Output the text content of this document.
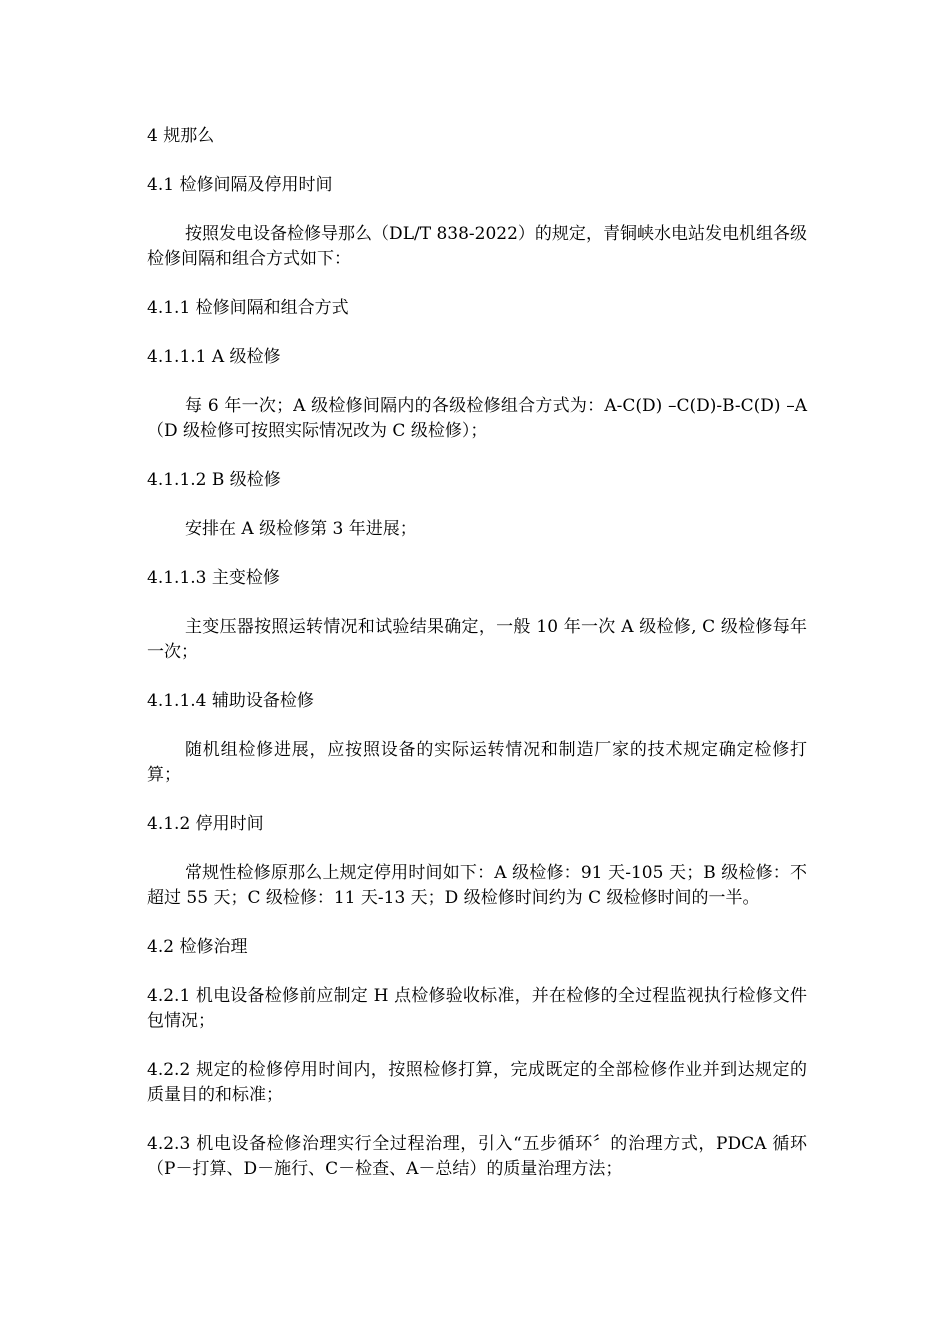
4 规那么

4.1 检修间隔及停用时间

按照发电设备检修导那么（DL/T 838-2022）的规定，青铜峡水电站发电机组各级检修间隔和组合方式如下：

4.1.1 检修间隔和组合方式

4.1.1.1 A 级检修

每 6 年一次；A 级检修间隔内的各级检修组合方式为：A-C(D) –C(D)-B-C(D) –A （D 级检修可按照实际情况改为 C 级检修）；

4.1.1.2 B 级检修

安排在 A 级检修第 3 年进展；

4.1.1.3 主变检修

主变压器按照运转情况和试验结果确定，一般 10 年一次 A 级检修, C 级检修每年一次；

4.1.1.4 辅助设备检修

随机组检修进展，应按照设备的实际运转情况和制造厂家的技术规定确定检修打算；

4.1.2 停用时间

常规性检修原那么上规定停用时间如下：A 级检修：91 天-105 天；B 级检修：不超过 55 天；C 级检修：11 天-13 天；D 级检修时间约为 C 级检修时间的一半。

4.2 检修治理

4.2.1 机电设备检修前应制定 H 点检修验收标准，并在检修的全过程监视执行检修文件包情况；

4.2.2 规定的检修停用时间内，按照检修打算，完成既定的全部检修作业并到达规定的质量目的和标准；

4.2.3 机电设备检修治理实行全过程治理，引入“五步循环〞的治理方式，PDCA 循环（P－打算、D－施行、C－检查、A－总结）的质量治理方法；
